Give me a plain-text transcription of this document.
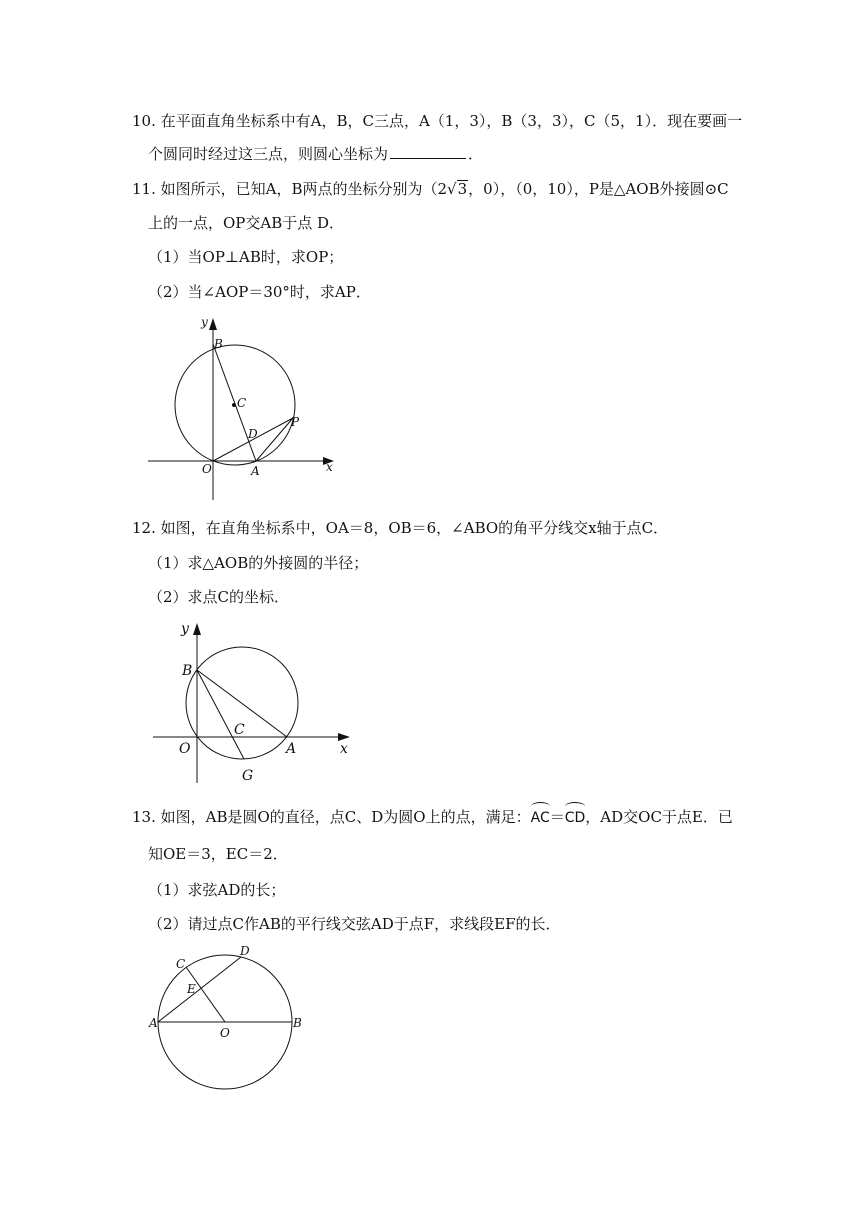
10. 在平面直角坐标系中有A，B，C三点，A（1，3），B（3，3），C（5，1）．现在要画一
个圆同时经过这三点，则圆心坐标为	．
11. 如图所示，已知A，B两点的坐标分别为（2√3，0），（0，10），P是△AOB外接圆⊙C
上的一点，OP交AB于点 D．
（1）当OP⊥AB时，求OP；
（2）当∠AOP＝30°时，求AP．
y
B
C
D
P
O	A	x
12. 如图，在直角坐标系中，OA＝8，OB＝6，∠ABO的角平分线交x轴于点C．
（1）求△AOB的外接圆的半径；
（2）求点C的坐标．
y
B
C
O	A	x
G
13. 如图，AB是圆O的直径，点C、D为圆O上的点，满足：AC＝CD，AD交OC于点E．已
知OE＝3，EC＝2．
（1）求弦AD的长；
（2）请过点C作AB的平行线交弦AD于点F，求线段EF的长．
D
C
E
A
O
B
